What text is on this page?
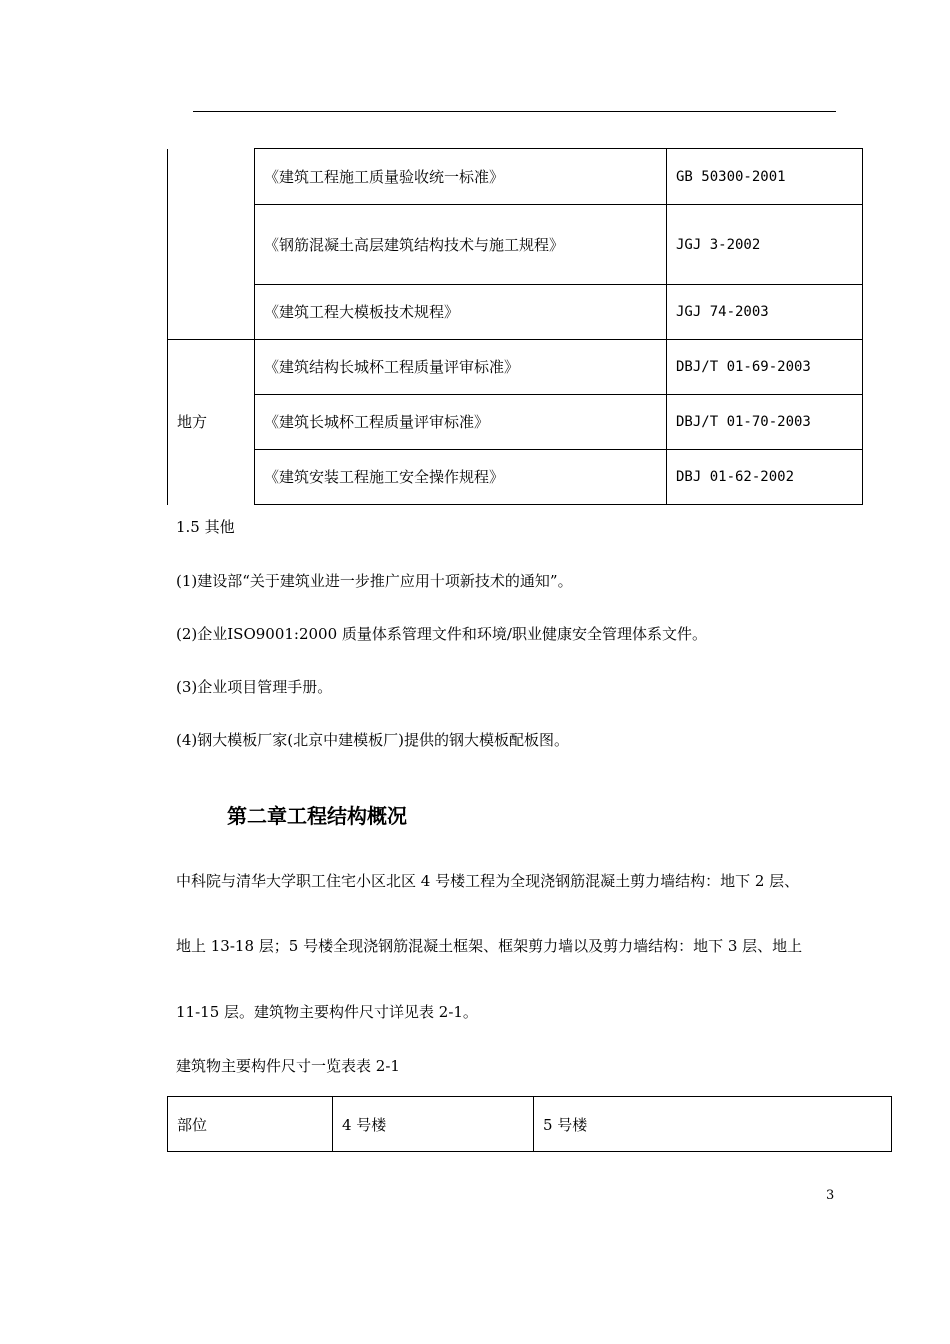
	《建筑工程施工质量验收统一标准》	GB 50300-2001
	《钢筋混凝土高层建筑结构技术与施工规程》	JGJ 3-2002
	《建筑工程大模板技术规程》	JGJ 74-2003
地方	《建筑结构长城杯工程质量评审标准》	DBJ/T 01-69-2003
	《建筑长城杯工程质量评审标准》	DBJ/T 01-70-2003
	《建筑安装工程施工安全操作规程》	DBJ 01-62-2002
1.5 其他
(1)建设部“关于建筑业进一步推广应用十项新技术的通知”。
(2)企业ISO9001:2000 质量体系管理文件和环境/职业健康安全管理体系文件。
(3)企业项目管理手册。
(4)钢大模板厂家(北京中建模板厂)提供的钢大模板配板图。
第二章工程结构概况
中科院与清华大学职工住宅小区北区 4 号楼工程为全现浇钢筋混凝土剪力墙结构：地下 2 层、
地上 13-18 层；5 号楼全现浇钢筋混凝土框架、框架剪力墙以及剪力墙结构：地下 3 层、地上
11-15 层。建筑物主要构件尺寸详见表 2-1。
建筑物主要构件尺寸一览表表 2-1
部位	4 号楼	5 号楼
3
